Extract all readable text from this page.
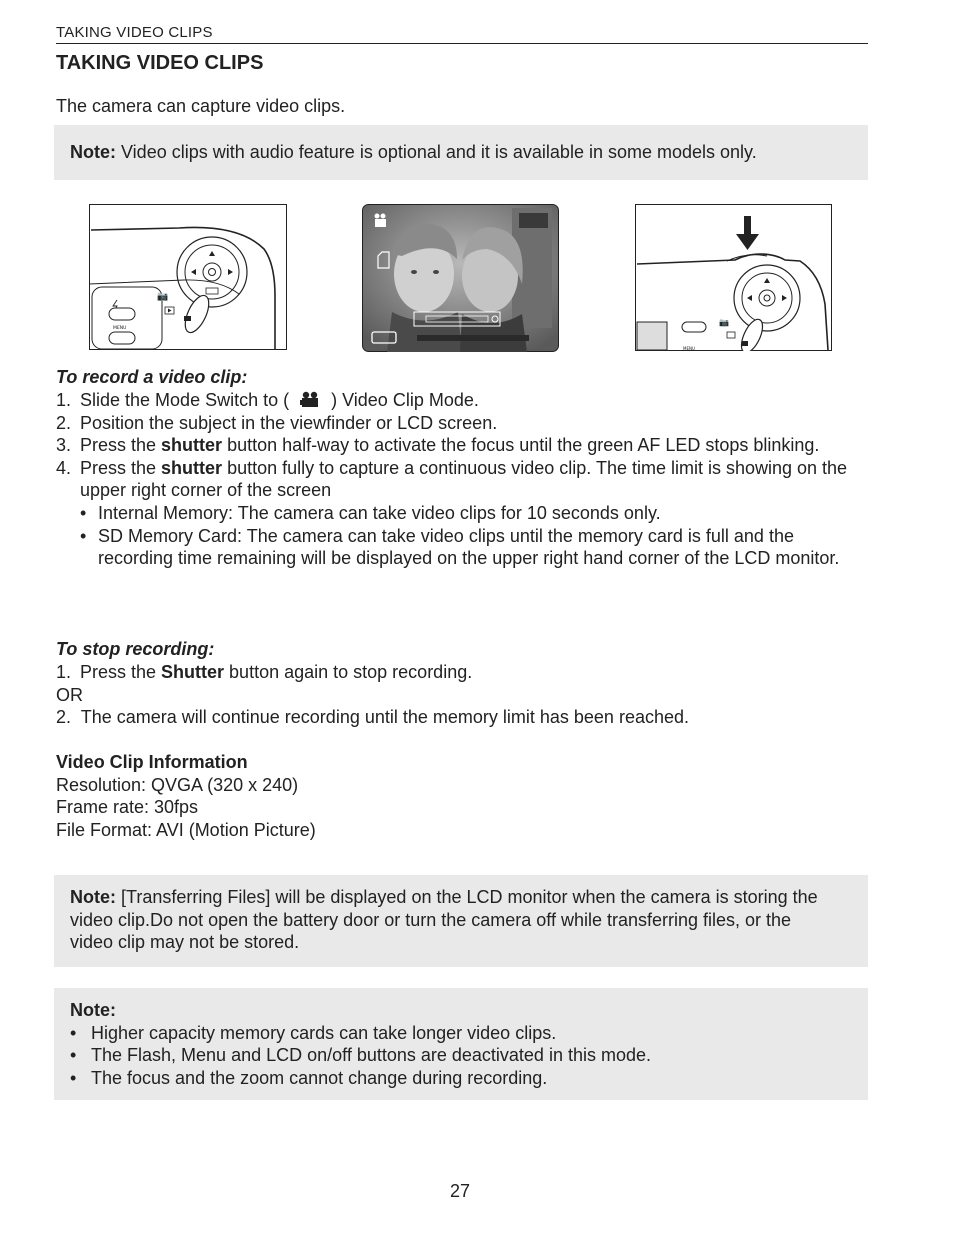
TAKING VIDEO CLIPS
TAKING VIDEO CLIPS
The camera can capture video clips.
Note: Video clips with audio feature is optional and it is available in some models only.
📷
MENU
📷
MENU
To record a video clip:
1. Slide the Mode Switch to ( ) Video Clip Mode.
2. Position the subject in the viewfinder or LCD screen.
3. Press the shutter button half-way to activate the focus until the green AF LED stops blinking.
4. Press the shutter button fully to capture a continuous video clip. The time limit is showing on the upper right corner of the screen
• Internal Memory: The camera can take video clips for 10 seconds only.
• SD Memory Card: The camera can take video clips until the memory card is full and the recording time remaining will be displayed on the upper right hand corner of the LCD monitor.
To stop recording:
1. Press the Shutter button again to stop recording.
OR
2. The camera will continue recording until the memory limit has been reached.
Video Clip Information
Resolution: QVGA (320 x 240)
Frame rate: 30fps
File Format: AVI (Motion Picture)
Note: [Transferring Files] will be displayed on the LCD monitor when the camera is storing the video clip.Do not open the battery door or turn the camera off while transferring files, or the video clip may not be stored.
Note:
• Higher capacity memory cards can take longer video clips.
• The Flash, Menu and LCD on/off buttons are deactivated in this mode.
• The focus and the zoom cannot change during recording.
27
